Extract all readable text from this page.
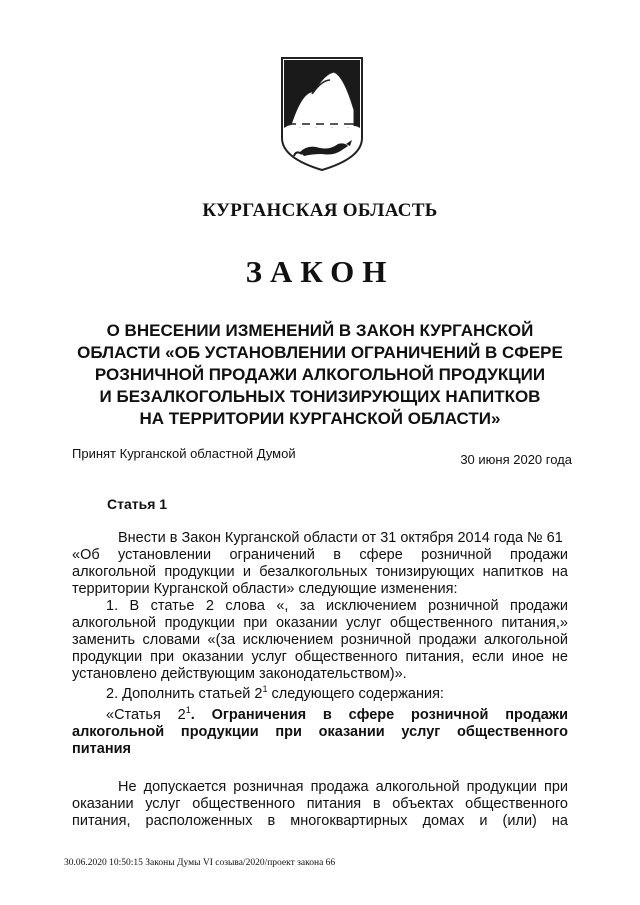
КУРГАНСКАЯ ОБЛАСТЬ
ЗАКОН
О ВНЕСЕНИИ ИЗМЕНЕНИЙ В ЗАКОН КУРГАНСКОЙ
ОБЛАСТИ «ОБ УСТАНОВЛЕНИИ ОГРАНИЧЕНИЙ В СФЕРЕ
РОЗНИЧНОЙ ПРОДАЖИ АЛКОГОЛЬНОЙ ПРОДУКЦИИ
И БЕЗАЛКОГОЛЬНЫХ ТОНИЗИРУЮЩИХ НАПИТКОВ
НА ТЕРРИТОРИИ КУРГАНСКОЙ ОБЛАСТИ»
Принят Курганской областной Думой	30 июня 2020 года
Статья 1
Внести в Закон Курганской области от 31 октября 2014 года № 61
«Об установлении ограничений в сфере розничной продажи
алкогольной продукции и безалкогольных тонизирующих напитков на
территории Курганской области» следующие изменения:
1. В статье 2 слова «, за исключением розничной продажи
алкогольной продукции при оказании услуг общественного питания,»
заменить словами «(за исключением розничной продажи алкогольной
продукции при оказании услуг общественного питания, если иное не
установлено действующим законодательством)».
2. Дополнить статьей $2^1$ следующего содержания:
«Статья $2^1$. Ограничения в сфере розничной продажи
алкогольной продукции при оказании услуг общественного
питания
Не допускается розничная продажа алкогольной продукции при
оказании услуг общественного питания в объектах общественного
питания, расположенных в многоквартирных домах и (или) на
30.06.2020 10:50:15 Законы Думы VI созыва/2020/проект закона 66
